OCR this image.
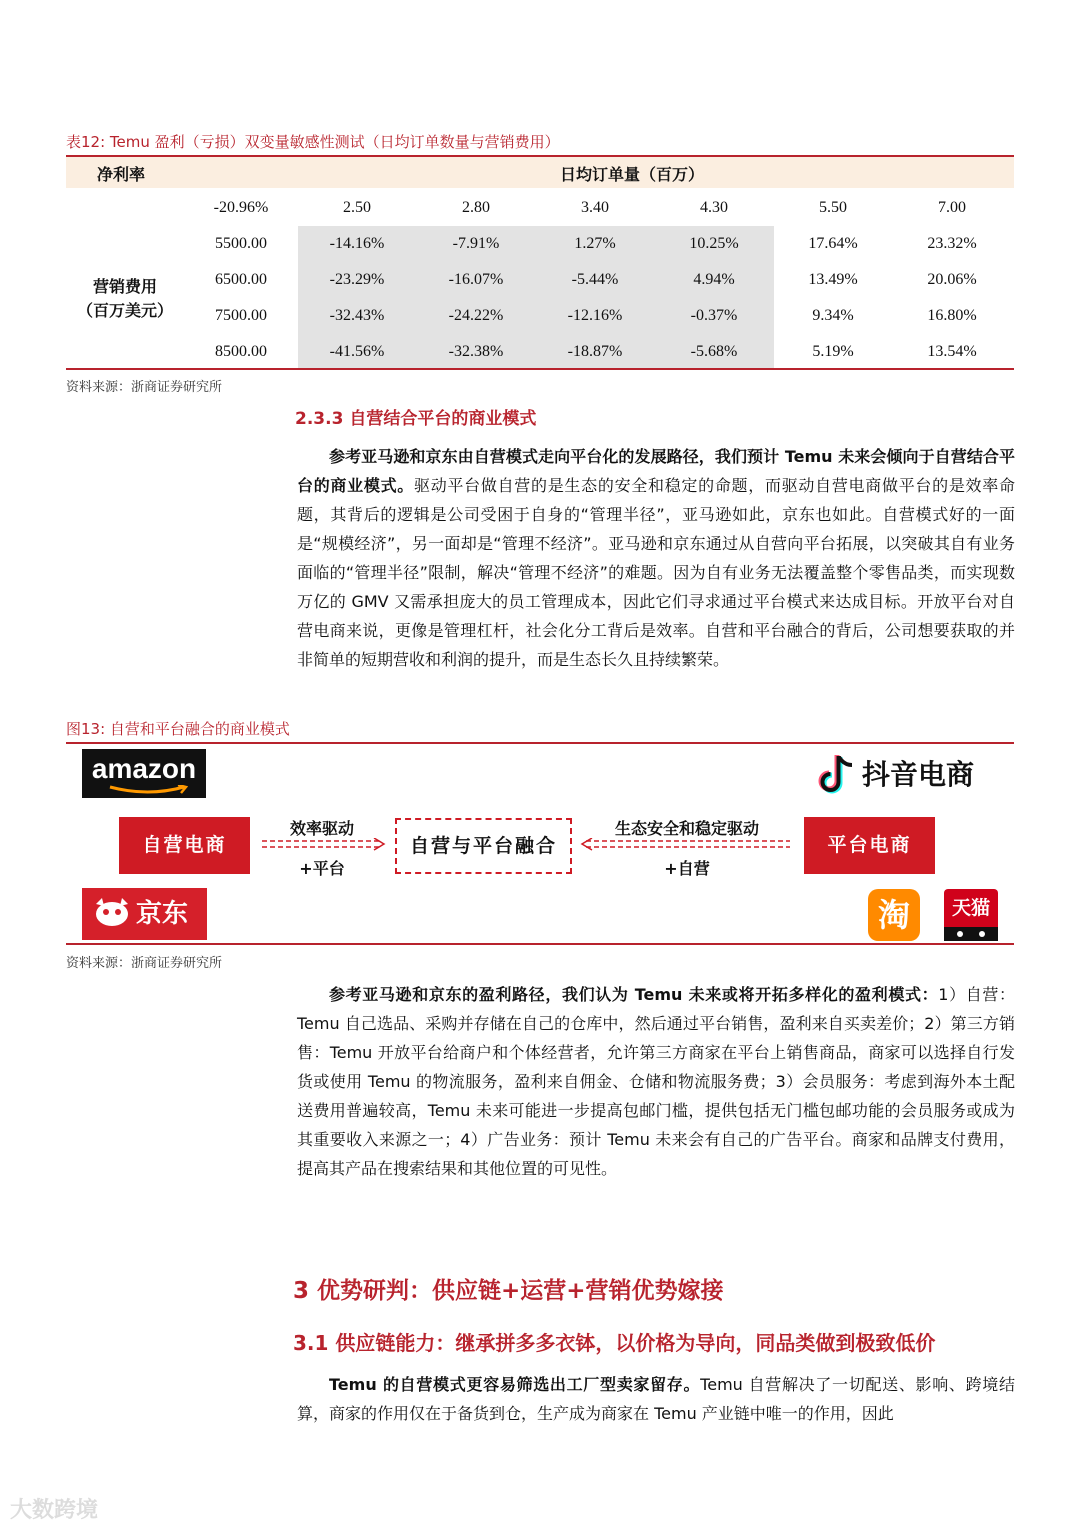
表12: Temu 盈利（亏损）双变量敏感性测试（日均订单数量与营销费用）
净利率	日均订单量（百万）
营销费用
（百万美元）
-20.96%	2.50	2.80	3.40	4.30	5.50	7.00
5500.00	-14.16%	-7.91%	1.27%	10.25%	17.64%	23.32%
6500.00	-23.29%	-16.07%	-5.44%	4.94%	13.49%	20.06%
7500.00	-32.43%	-24.22%	-12.16%	-0.37%	9.34%	16.80%
8500.00	-41.56%	-32.38%	-18.87%	-5.68%	5.19%	13.54%
资料来源：浙商证券研究所
2.3.3 自营结合平台的商业模式

参考亚马逊和京东由自营模式走向平台化的发展路径，我们预计 Temu 未来会倾向于自营结合平台的商业模式。驱动平台做自营的是生态的安全和稳定的命题，而驱动自营电商做平台的是效率命题，其背后的逻辑是公司受困于自身的“管理半径”，亚马逊如此，京东也如此。自营模式好的一面是“规模经济”，另一面却是“管理不经济”。亚马逊和京东通过从自营向平台拓展，以突破其自有业务面临的“管理半径”限制，解决“管理不经济”的难题。因为自有业务无法覆盖整个零售品类，而实现数万亿的 GMV 又需承担庞大的员工管理成本，因此它们寻求通过平台模式来达成目标。开放平台对自营电商来说，更像是管理杠杆，社会化分工背后是效率。自营和平台融合的背后，公司想要获取的并非简单的短期营收和利润的提升，而是生态长久且持续繁荣。

图13: 自营和平台融合的商业模式
amazon	抖音电商
自营电商
效率驱动
+平台
自营与平台融合
生态安全和稳定驱动
+自营
平台电商
京东	淘	天猫
资料来源：浙商证券研究所

参考亚马逊和京东的盈利路径，我们认为 Temu 未来或将开拓多样化的盈利模式：1）自营：Temu 自己选品、采购并存储在自己的仓库中，然后通过平台销售，盈利来自买卖差价；2）第三方销售：Temu 开放平台给商户和个体经营者，允许第三方商家在平台上销售商品，商家可以选择自行发货或使用 Temu 的物流服务，盈利来自佣金、仓储和物流服务费；3）会员服务：考虑到海外本土配送费用普遍较高，Temu 未来可能进一步提高包邮门槛，提供包括无门槛包邮功能的会员服务或成为其重要收入来源之一；4）广告业务：预计 Temu 未来会有自己的广告平台。商家和品牌支付费用，提高其产品在搜索结果和其他位置的可见性。

3 优势研判：供应链+运营+营销优势嫁接
3.1 供应链能力：继承拼多多衣钵，以价格为导向，同品类做到极致低价

Temu 的自营模式更容易筛选出工厂型卖家留存。Temu 自营解决了一切配送、影响、跨境结算，商家的作用仅在于备货到仓，生产成为商家在 Temu 产业链中唯一的作用，因此

大数跨境
